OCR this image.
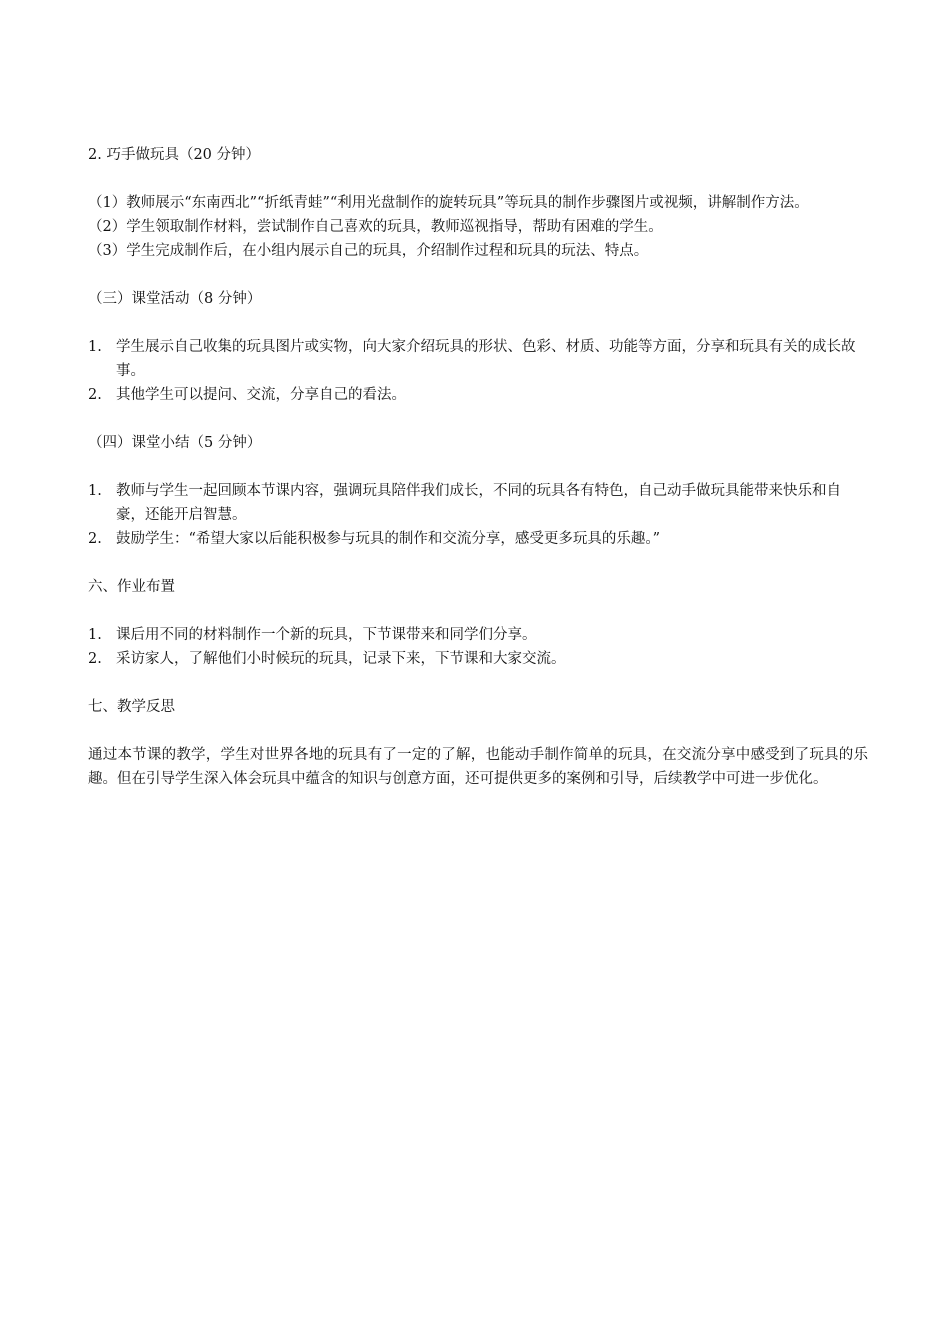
2. 巧手做玩具（20 分钟）

（1）教师展示“东南西北”“折纸青蛙”“利用光盘制作的旋转玩具”等玩具的制作步骤图片或视频，讲解制作方法。

（2）学生领取制作材料，尝试制作自己喜欢的玩具，教师巡视指导，帮助有困难的学生。

（3）学生完成制作后，在小组内展示自己的玩具，介绍制作过程和玩具的玩法、特点。

（三）课堂活动（8 分钟）

1. 学生展示自己收集的玩具图片或实物，向大家介绍玩具的形状、色彩、材质、功能等方面，分享和玩具有关的成长故事。
2. 其他学生可以提问、交流，分享自己的看法。

（四）课堂小结（5 分钟）

1. 教师与学生一起回顾本节课内容，强调玩具陪伴我们成长，不同的玩具各有特色，自己动手做玩具能带来快乐和自豪，还能开启智慧。
2. 鼓励学生：“希望大家以后能积极参与玩具的制作和交流分享，感受更多玩具的乐趣。”

六、作业布置

1. 课后用不同的材料制作一个新的玩具，下节课带来和同学们分享。
2. 采访家人，了解他们小时候玩的玩具，记录下来，下节课和大家交流。

七、教学反思

通过本节课的教学，学生对世界各地的玩具有了一定的了解，也能动手制作简单的玩具，在交流分享中感受到了玩具的乐趣。但在引导学生深入体会玩具中蕴含的知识与创意方面，还可提供更多的案例和引导，后续教学中可进一步优化。
